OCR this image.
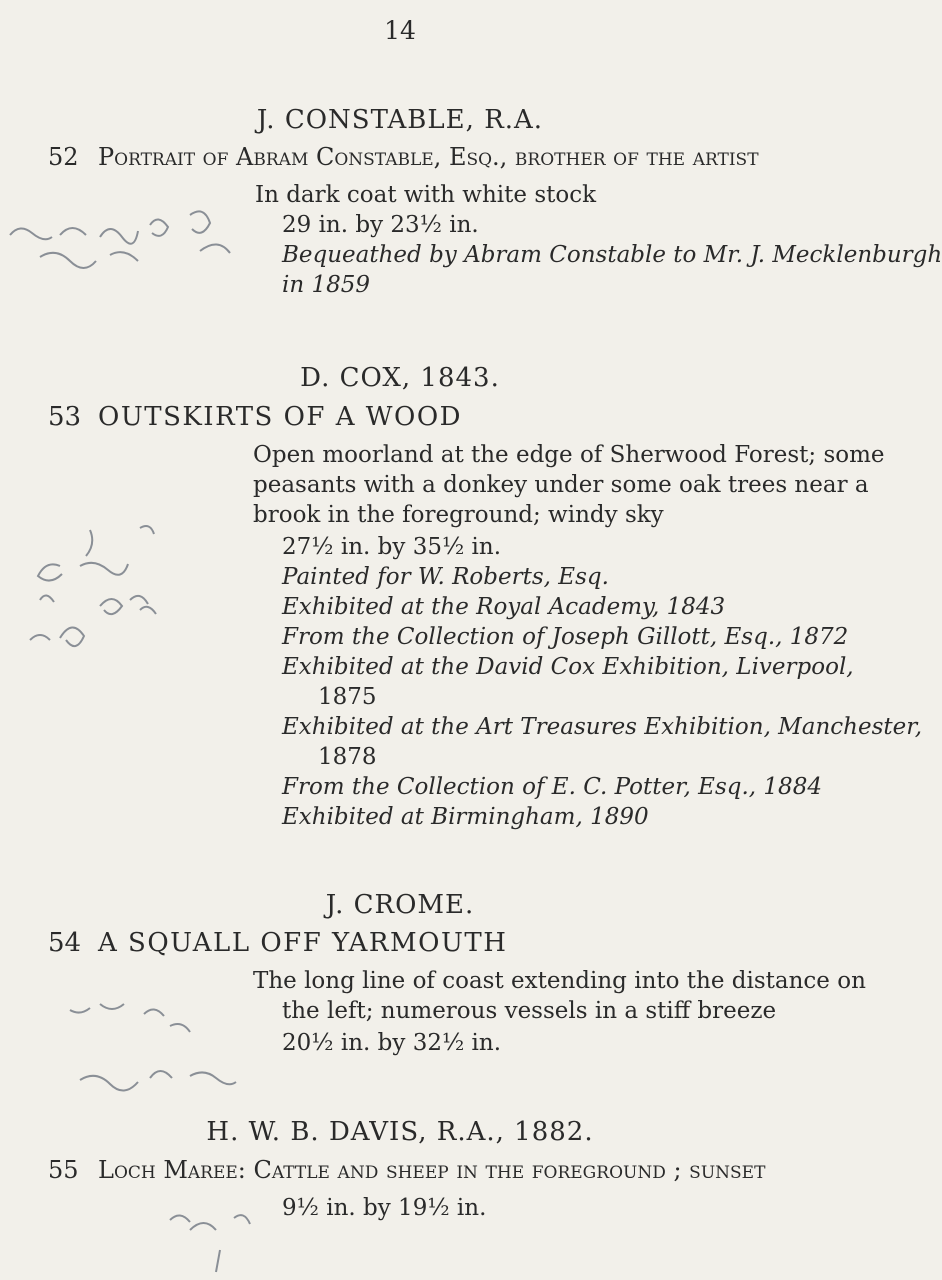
14
J. CONSTABLE, R.A.
52 Portrait of Abram Constable, Esq., brother of the artist
In dark coat with white stock
29 in. by 23½ in.
Bequeathed by Abram Constable to Mr. J. Mecklenburgh
in 1859
D. COX, 1843.
53 OUTSKIRTS OF A WOOD
Open moorland at the edge of Sherwood Forest; some
peasants with a donkey under some oak trees near a
brook in the foreground; windy sky
27½ in. by 35½ in.
Painted for W. Roberts, Esq.
Exhibited at the Royal Academy, 1843
From the Collection of Joseph Gillott, Esq., 1872
Exhibited at the David Cox Exhibition, Liverpool,
1875
Exhibited at the Art Treasures Exhibition, Manchester,
1878
From the Collection of E. C. Potter, Esq., 1884
Exhibited at Birmingham, 1890
J. CROME.
54 A SQUALL OFF YARMOUTH
The long line of coast extending into the distance on
the left; numerous vessels in a stiff breeze
20½ in. by 32½ in.
H. W. B. DAVIS, R.A., 1882.
55 Loch Maree: Cattle and sheep in the foreground ; sunset
9½ in. by 19½ in.
